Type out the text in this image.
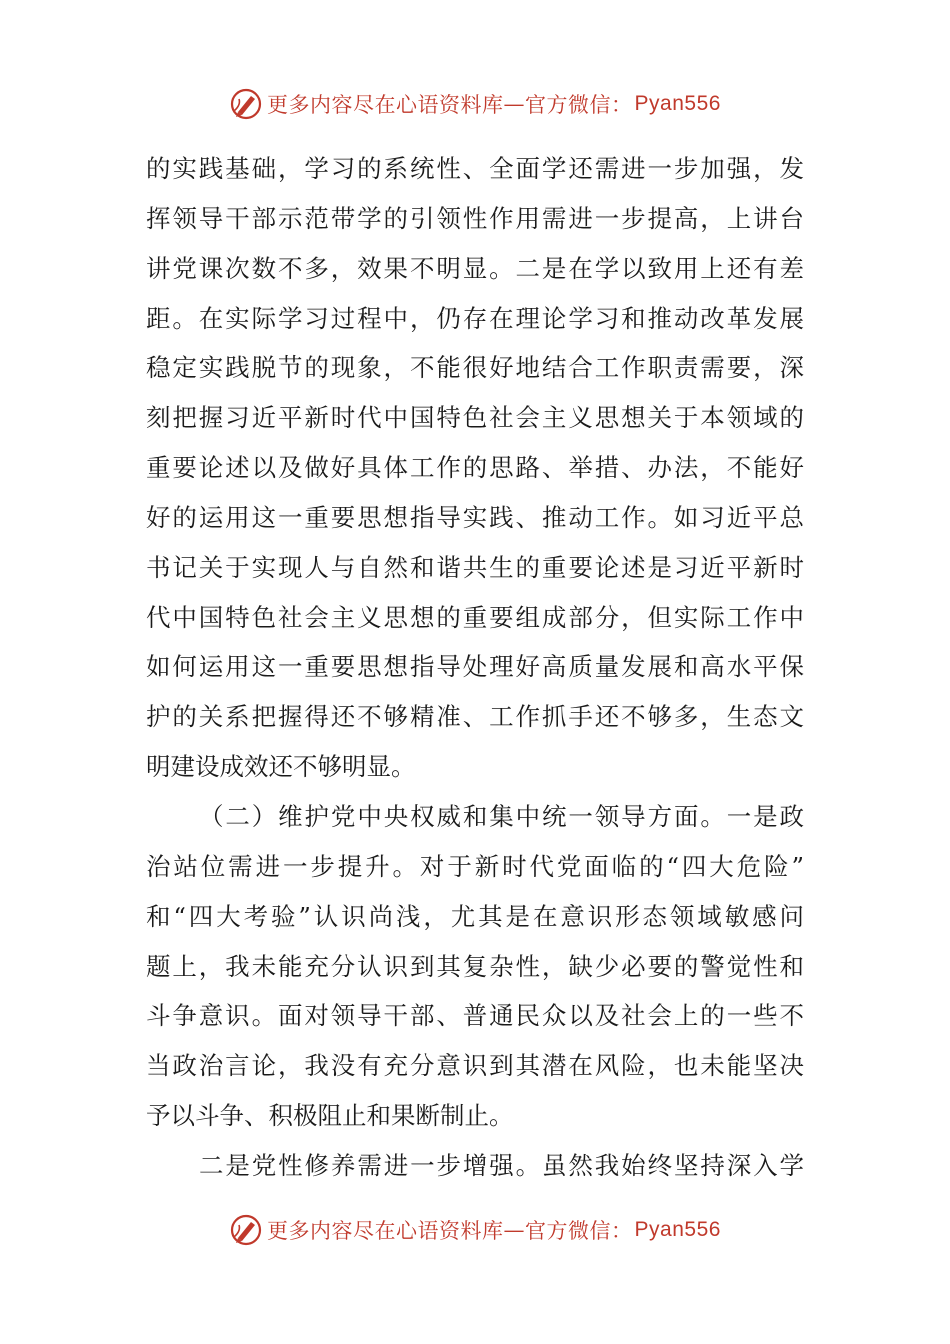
更多内容尽在心语资料库 — 官方微信： Pyan556
的实践基础，学习的系统性、全面学还需进一步加强，发
挥领导干部示范带学的引领性作用需进一步提高，上讲台
讲党课次数不多，效果不明显。二是在学以致用上还有差
距。在实际学习过程中，仍存在理论学习和推动改革发展
稳定实践脱节的现象，不能很好地结合工作职责需要，深
刻把握习近平新时代中国特色社会主义思想关于本领域的
重要论述以及做好具体工作的思路、举措、办法，不能好
好的运用这一重要思想指导实践、推动工作。如习近平总
书记关于实现人与自然和谐共生的重要论述是习近平新时
代中国特色社会主义思想的重要组成部分，但实际工作中
如何运用这一重要思想指导处理好高质量发展和高水平保
护的关系把握得还不够精准、工作抓手还不够多，生态文
明建设成效还不够明显。
（二）维护党中央权威和集中统一领导方面。一是政
治站位需进一步提升。对于新时代党面临的“四大危险”
和“四大考验”认识尚浅，尤其是在意识形态领域敏感问
题上，我未能充分认识到其复杂性，缺少必要的警觉性和
斗争意识。面对领导干部、普通民众以及社会上的一些不
当政治言论，我没有充分意识到其潜在风险，也未能坚决
予以斗争、积极阻止和果断制止。
二是党性修养需进一步增强。虽然我始终坚持深入学
更多内容尽在心语资料库 — 官方微信： Pyan556
